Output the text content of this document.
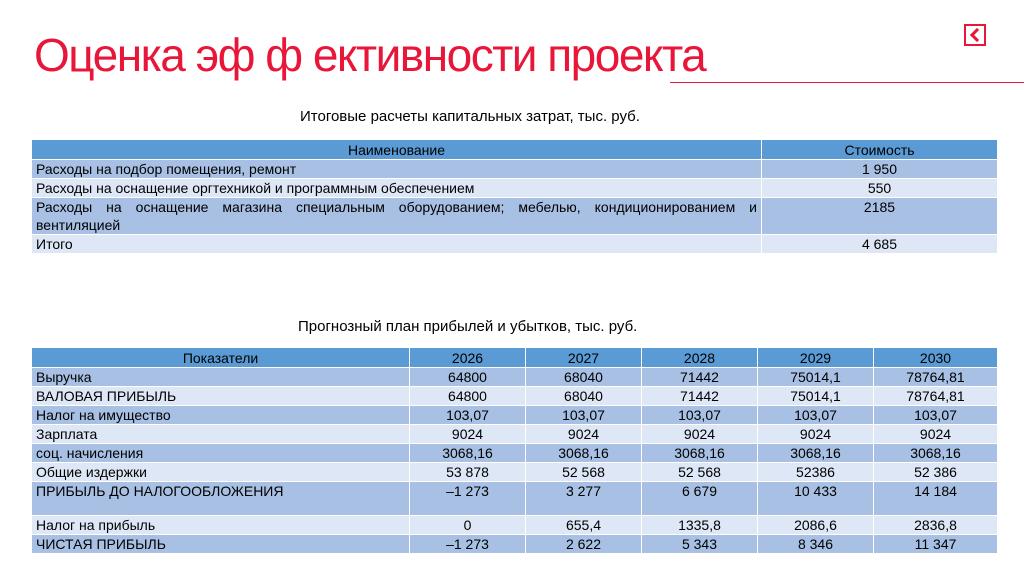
Оценка эф ф ективности проекта
Итоговые расчеты капитальных затрат, тыс. руб.
Наименование	Стоимость
Расходы на подбор помещения, ремонт	1 950
Расходы на оснащение оргтехникой и программным обеспечением	550
Расходы на оснащение магазина специальным оборудованием; мебелью, кондиционированием и вентиляцией	2185
Итого	4 685
Прогнозный план прибылей и убытков, тыс. руб.
Показатели	2026	2027	2028	2029	2030
Выручка	64800	68040	71442	75014,1	78764,81
ВАЛОВАЯ ПРИБЫЛЬ	64800	68040	71442	75014,1	78764,81
Налог на имущество	103,07	103,07	103,07	103,07	103,07
Зарплата	9024	9024	9024	9024	9024
соц. начисления	3068,16	3068,16	3068,16	3068,16	3068,16
Общие издержки	53 878	52 568	52 568	52386	52 386
ПРИБЫЛЬ ДО НАЛОГООБЛОЖЕНИЯ	–1 273	3 277	6 679	10 433	14 184
Налог на прибыль	0	655,4	1335,8	2086,6	2836,8
ЧИСТАЯ ПРИБЫЛЬ	–1 273	2 622	5 343	8 346	11 347
